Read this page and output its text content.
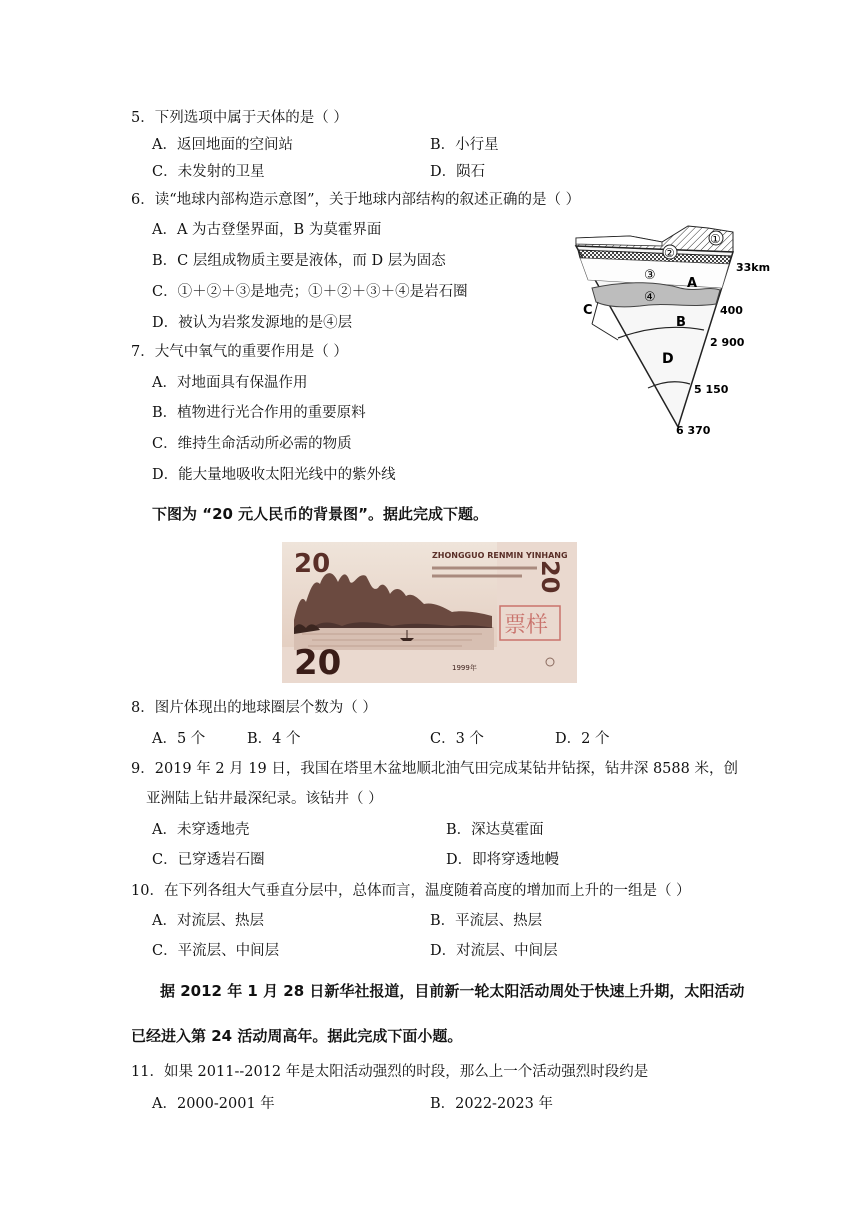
5．下列选项中属于天体的是（ ）
A．返回地面的空间站	B．小行星
C．未发射的卫星	D．陨石
6．读“地球内部构造示意图”，关于地球内部结构的叙述正确的是（ ）
A．A 为古登堡界面，B 为莫霍界面
B．C 层组成物质主要是液体，而 D 层为固态
C．①＋②＋③是地壳；①＋②＋③＋④是岩石圈
D．被认为岩浆发源地的是④层
①
②
③
④
A
B
C
D
33km
400
2 900
5 150
6 370
7．大气中氧气的重要作用是（ ）
A．对地面具有保温作用
B．植物进行光合作用的重要原料
C．维持生命活动所必需的物质
D．能大量地吸收太阳光线中的紫外线
下图为 “20 元人民币的背景图”。据此完成下题。
20
20
ZHONGGUO RENMIN YINHANG
20
票样
1999年
8．图片体现出的地球圈层个数为（ ）
A．5 个	B．4 个	C．3 个	D．2 个
9．2019 年 2 月 19 日，我国在塔里木盆地顺北油气田完成某钻井钻探，钻井深 8588 米，创
亚洲陆上钻井最深纪录。该钻井（ ）
A．未穿透地壳	B．深达莫霍面
C．已穿透岩石圈	D．即将穿透地幔
10．在下列各组大气垂直分层中，总体而言，温度随着高度的增加而上升的一组是（ ）
A．对流层、热层	B．平流层、热层
C．平流层、中间层	D．对流层、中间层
据 2012 年 1 月 28 日新华社报道，目前新一轮太阳活动周处于快速上升期，太阳活动
已经进入第 24 活动周高年。据此完成下面小题。
11．如果 2011--2012 年是太阳活动强烈的时段，那么上一个活动强烈时段约是
A．2000-2001 年	B．2022-2023 年
